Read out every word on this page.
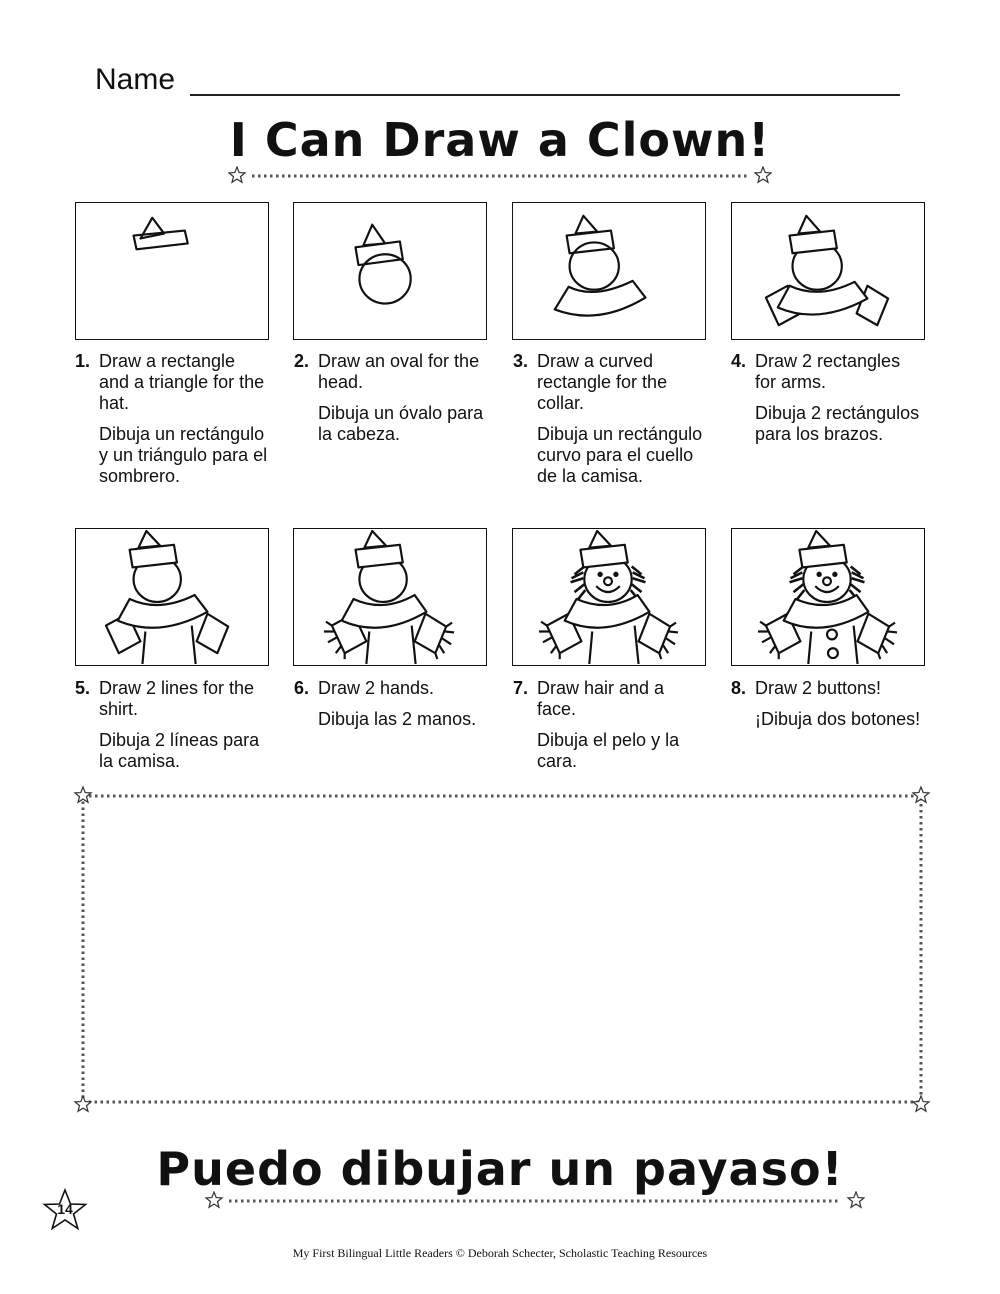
Name
I Can Draw a Clown!
1. Draw a rectangle and a triangle for the hat.
Dibuja un rectángulo y un triángulo para el sombrero.
2. Draw an oval for the head.
Dibuja un óvalo para la cabeza.
3. Draw a curved rectangle for the collar.
Dibuja un rectángulo curvo para el cuello de la camisa.
4. Draw 2 rectangles for arms.
Dibuja 2 rectángulos para los brazos.
5. Draw 2 lines for the shirt.
Dibuja 2 líneas para la camisa.
6. Draw 2 hands.
Dibuja las 2 manos.
7. Draw hair and a face.
Dibuja el pelo y la cara.
8. Draw 2 buttons!
¡Dibuja dos botones!
Puedo dibujar un payaso!
14
My First Bilingual Little Readers © Deborah Schecter, Scholastic Teaching Resources
